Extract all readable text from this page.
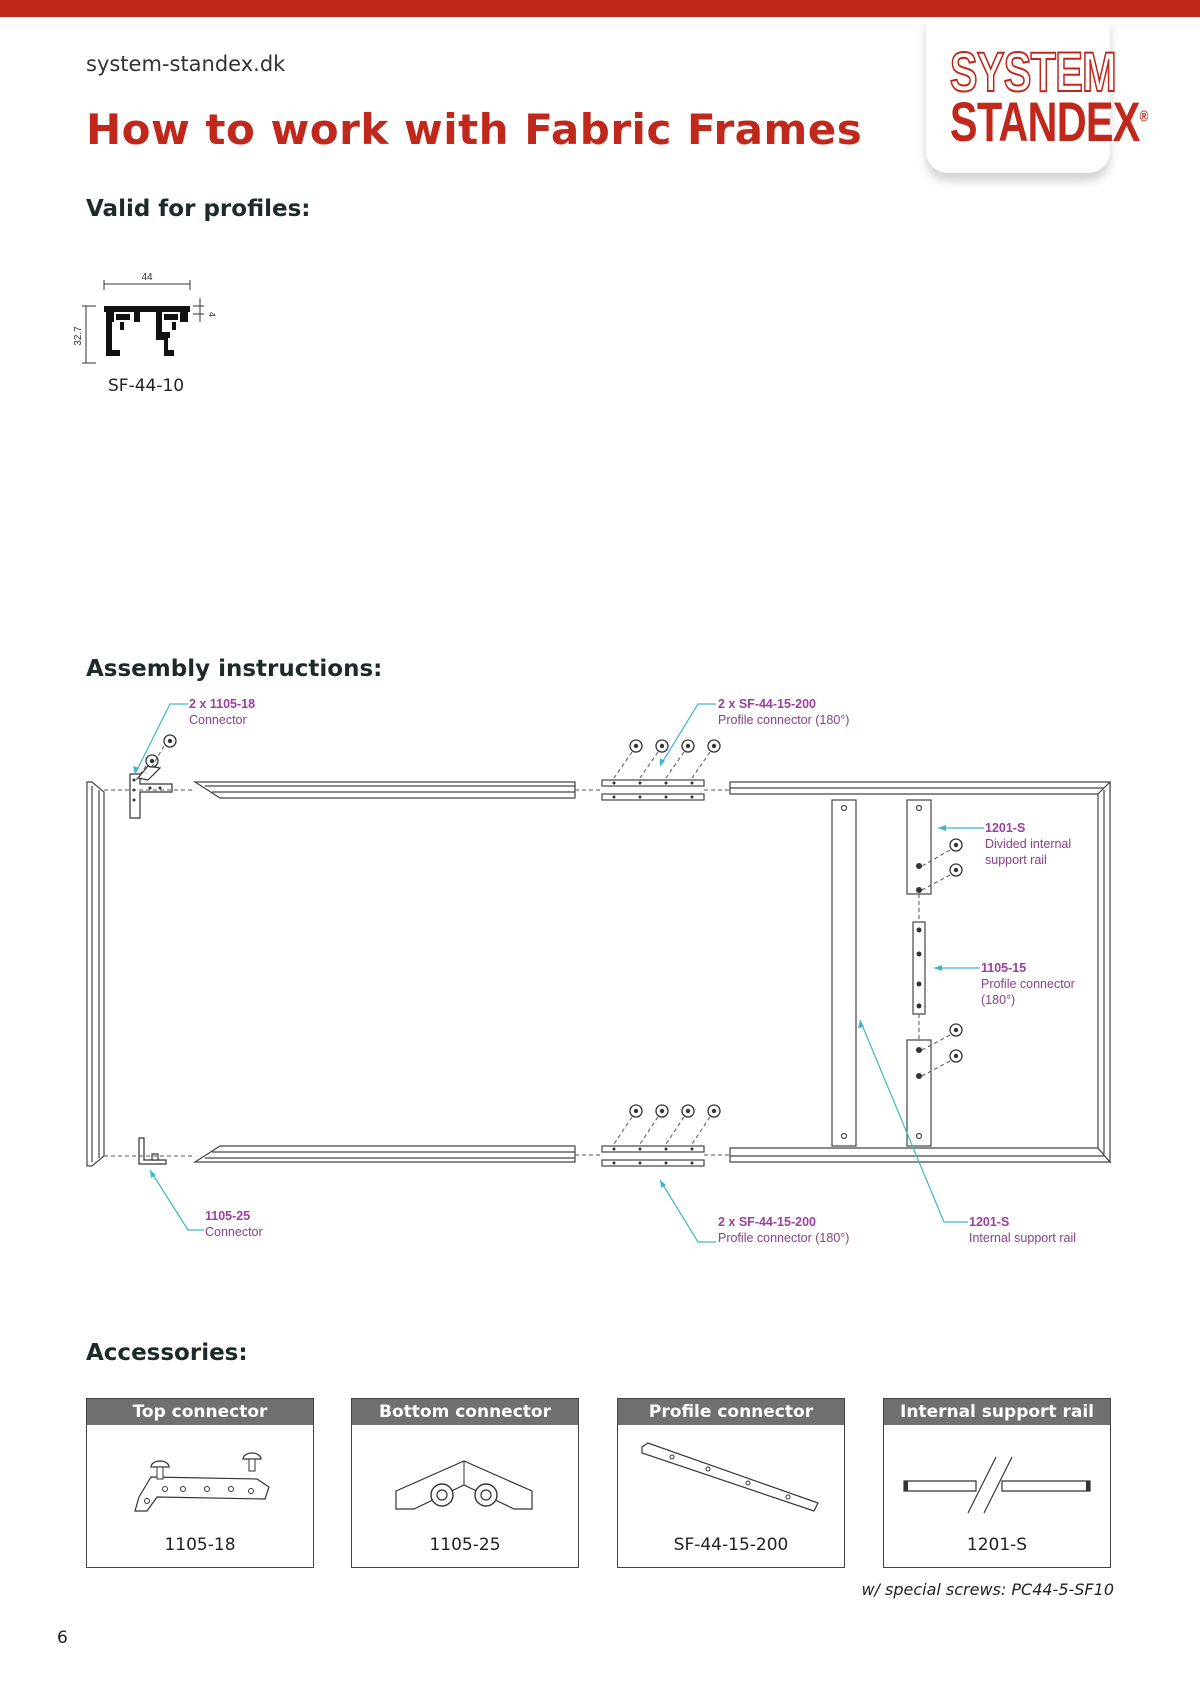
system-standex.dk
How to work with Fabric Frames
SYSTEM
STANDEX®
Valid for profiles:
44
32.7
4
SF-44-10
Assembly instructions:
2 x 1105-18
Connector
2 x SF-44-15-200
Profile connector (180°)
1201-S
Divided internal
support rail
1105-15
Profile connector
(180°)
1105-25
Connector
2 x SF-44-15-200
Profile connector (180°)
1201-S
Internal support rail
Accessories:
Top connector
1105-18
Bottom connector
1105-25
Profile connector (180°)
SF-44-15-200
Internal support rail
1201-S
w/ special screws: PC44-5-SF10
6
